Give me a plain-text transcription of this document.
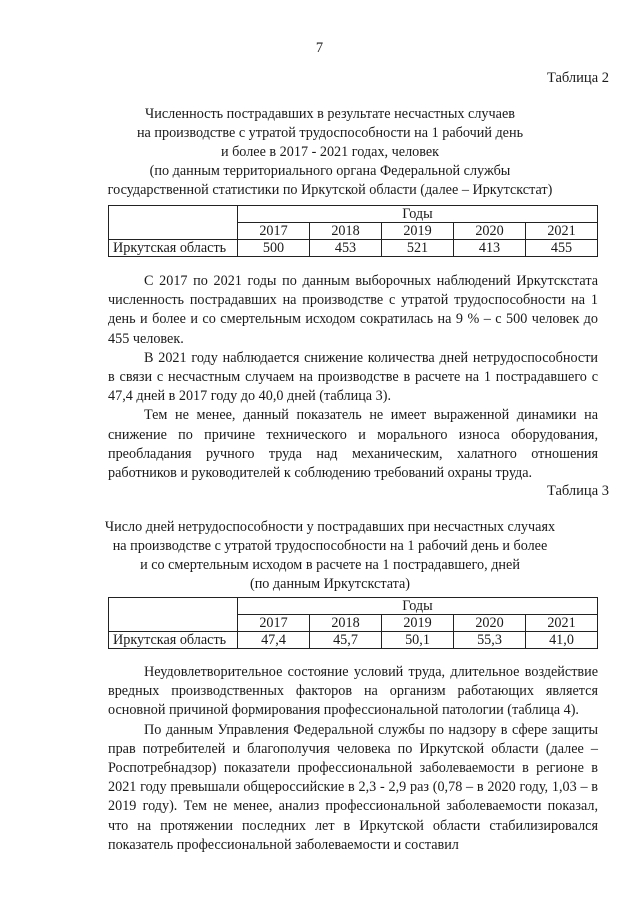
7
Таблица 2
Численность пострадавших в результате несчастных случаев
на производстве с утратой трудоспособности на 1 рабочий день
и более в 2017 - 2021 годах, человек
(по данным территориального органа Федеральной службы
государственной статистики по Иркутской области (далее – Иркутскстат)
	Годы				
	2017	2018	2019	2020	2021
Иркутская область	500	453	521	413	455

С 2017 по 2021 годы по данным выборочных наблюдений Иркутскстата численность пострадавших на производстве с утратой трудоспособности на 1 день и более и со смертельным исходом сократилась на 9 % – с 500 человек до 455 человек.

В 2021 году наблюдается снижение количества дней нетрудоспособности в связи с несчастным случаем на производстве в расчете на 1 пострадавшего с 47,4 дней в 2017 году до 40,0 дней (таблица 3).

Тем не менее, данный показатель не имеет выраженной динамики на снижение по причине технического и морального износа оборудования, преобладания ручного труда над механическим, халатного отношения работников и руководителей к соблюдению требований охраны труда.

Таблица 3
Число дней нетрудоспособности у пострадавших при несчастных случаях
на производстве с утратой трудоспособности на 1 рабочий день и более
и со смертельным исходом в расчете на 1 пострадавшего, дней
(по данным Иркутскстата)
	Годы				
	2017	2018	2019	2020	2021
Иркутская область	47,4	45,7	50,1	55,3	41,0

Неудовлетворительное состояние условий труда, длительное воздействие вредных производственных факторов на организм работающих является основной причиной формирования профессиональной патологии (таблица 4).

По данным Управления Федеральной службы по надзору в сфере защиты прав потребителей и благополучия человека по Иркутской области (далее – Роспотребнадзор) показатели профессиональной заболеваемости в регионе в 2021 году превышали общероссийские в 2,3 - 2,9 раз (0,78 – в 2020 году, 1,03 – в 2019 году). Тем не менее, анализ профессиональной заболеваемости показал, что на протяжении последних лет в Иркутской области стабилизировался показатель профессиональной заболеваемости и составил
